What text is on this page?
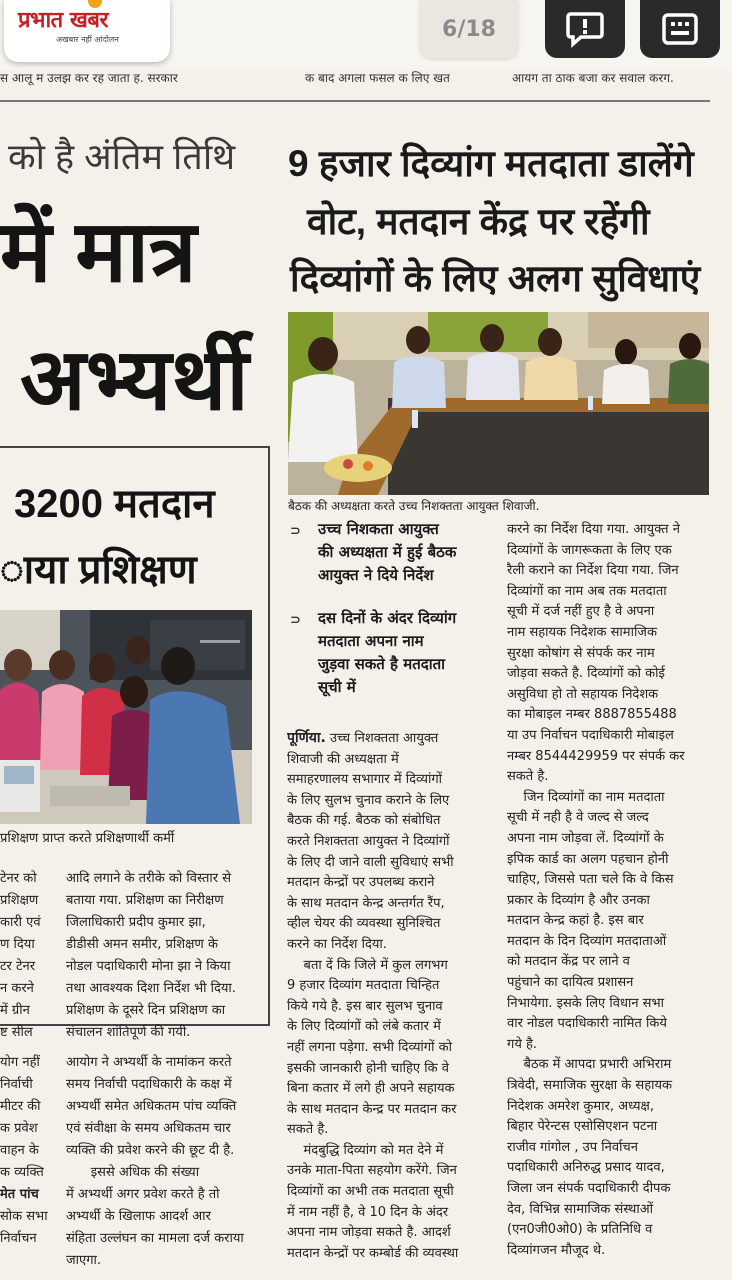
प्रभात खबर
अखबार नहीं आंदोलन	6/18
स आलू म उलझ कर रह जाता ह. सरकार	क बाद अगला फसल क लिए खत	आयग ता ठाक बजा कर सवाल करग.
को है अंतिम तिथि
में मात्र
अभ्यर्थी
3200 मतदान
ाया प्रशिक्षण
प्रशिक्षण प्राप्त करते प्रशिक्षणार्थी कर्मी

टेनर को

प्रशिक्षण

कारी एवं

ण दिया

टर टेनर

न करने

में ग्रीन

ष्ट सील

आदि लगाने के तरीके को विस्तार से

बताया गया. प्रशिक्षण का निरीक्षण

जिलाधिकारी प्रदीप कुमार झा,

डीडीसी अमन समीर, प्रशिक्षण के

नोडल पदाधिकारी मोना झा ने किया

तथा आवश्यक दिशा निर्देश भी दिया.

प्रशिक्षण के दूसरे दिन प्रशिक्षण का

संचालन शांतिपूर्ण की गयी.

योग नहीं

निर्वाची

मीटर की

क प्रवेश

वाहन के

क व्यक्ति

मेत पांच

सोक सभा

निर्वाचन

आयोग ने अभ्यर्थी के नामांकन करते

समय निर्वाची पदाधिकारी के कक्ष में

अभ्यर्थी समेत अधिकतम पांच व्यक्ति

एवं संवीक्षा के समय अधिकतम चार

व्यक्ति की प्रवेश करने की छूट दी है.

इससे अधिक की संख्या

में अभ्यर्थी अगर प्रवेश करते है तो

अभ्यर्थी के खिलाफ आदर्श आर

संहिता उल्लंघन का मामला दर्ज कराया

जाएगा.

9 हजार दिव्यांग मतदाता डालेंगे
वोट, मतदान केंद्र पर रहेंगी
दिव्यांगों के लिए अलग सुविधाएं
बैठक की अध्यक्षता करते उच्च निशक्तता आयुक्त शिवाजी.
⊃ उच्च निशकता आयुक्त

की अध्यक्षता में हुई बैठक

आयुक्त ने दिये निर्देश

⊃ दस दिनों के अंदर दिव्यांग

मतदाता अपना नाम

जुड़वा सकते है मतदाता

सूची में

पूर्णिया. उच्च निशक्तता आयुक्त

शिवाजी की अध्यक्षता में

समाहरणालय सभागार में दिव्यांगों

के लिए सुलभ चुनाव कराने के लिए

बैठक की गई. बैठक को संबोधित

करते निशक्तता आयुक्त ने दिव्यांगों

के लिए दी जाने वाली सुविधाएं सभी

मतदान केन्द्रों पर उपलब्ध कराने

के साथ मतदान केन्द्र अन्तर्गत रैंप,

व्हील चेयर की व्यवस्था सुनिश्चित

करने का निर्देश दिया.

बता दें कि जिले में कुल लगभग

9 हजार दिव्यांग मतदाता चिन्हित

किये गये है. इस बार सुलभ चुनाव

के लिए दिव्यांगों को लंबे कतार में

नहीं लगना पड़ेगा. सभी दिव्यांगों को

इसकी जानकारी होनी चाहिए कि वे

बिना कतार में लगे ही अपने सहायक

के साथ मतदान केन्द्र पर मतदान कर

सकते है.

मंदबुद्धि दिव्यांग को मत देने में

उनके माता-पिता सहयोग करेंगे. जिन

दिव्यांगों का अभी तक मतदाता सूची

में नाम नहीं है, वे 10 दिन के अंदर

अपना नाम जोड़वा सकते है. आदर्श

मतदान केन्द्रों पर कम्बोर्ड की व्यवस्था

करने का निर्देश दिया गया. आयुक्त ने

दिव्यांगों के जागरूकता के लिए एक

रैली कराने का निर्देश दिया गया. जिन

दिव्यांगों का नाम अब तक मतदाता

सूची में दर्ज नहीं हुए है वे अपना

नाम सहायक निदेशक सामाजिक

सुरक्षा कोषांग से संपर्क कर नाम

जोड़वा सकते है. दिव्यांगों को कोई

असुविधा हो तो सहायक निदेशक

का मोबाइल नम्बर 8887855488

या उप निर्वाचन पदाधिकारी मोबाइल

नम्बर 8544429959 पर संपर्क कर

सकते है.

जिन दिव्यांगों का नाम मतदाता

सूची में नही है वे जल्द से जल्द

अपना नाम जोड़वा लें. दिव्यांगों के

इपिक कार्ड का अलग पहचान होनी

चाहिए, जिससे पता चले कि वे किस

प्रकार के दिव्यांग है और उनका

मतदान केन्द्र कहां है. इस बार

मतदान के दिन दिव्यांग मतदाताओं

को मतदान केंद्र पर लाने व

पहुंचाने का दायित्व प्रशासन

निभायेगा. इसके लिए विधान सभा

वार नोडल पदाधिकारी नामित किये

गये है.

बैठक में आपदा प्रभारी अभिराम

त्रिवेदी, समाजिक सुरक्षा के सहायक

निदेशक अमरेश कुमार, अध्यक्ष,

बिहार पेरेन्टस एसोसिएशन पटना

राजीव गांगोल , उप निर्वाचन

पदाधिकारी अनिरुद्ध प्रसाद यादव,

जिला जन संपर्क पदाधिकारी दीपक

देव, विभिन्न सामाजिक संस्थाओं

(एन0जी0ओ0) के प्रतिनिधि व

दिव्यांगजन मौजूद थे.
